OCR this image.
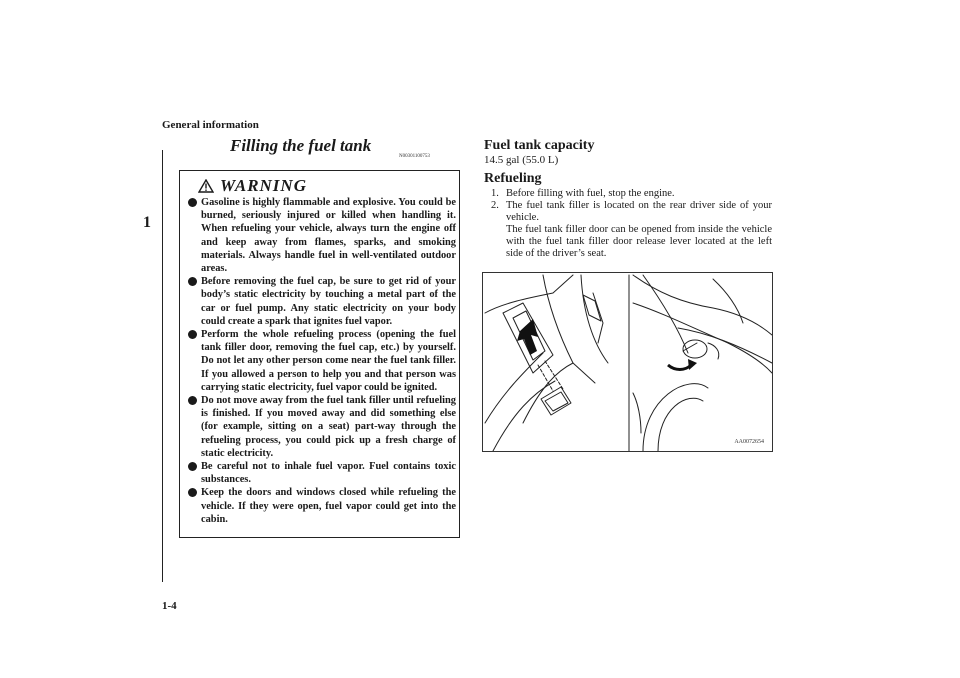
General information
1
1-4
Filling the fuel tank
N00301100753
WARNING
Gasoline is highly flammable and explosive. You could be burned, seriously injured or killed when handling it. When refueling your vehicle, always turn the engine off and keep away from flames, sparks, and smoking materials. Always handle fuel in well-ventilated outdoor areas.
Before removing the fuel cap, be sure to get rid of your body’s static electricity by touching a metal part of the car or fuel pump. Any static electricity on your body could create a spark that ignites fuel vapor.
Perform the whole refueling process (opening the fuel tank filler door, removing the fuel cap, etc.) by yourself. Do not let any other person come near the fuel tank filler. If you allowed a person to help you and that person was carrying static electricity, fuel vapor could be ignited.
Do not move away from the fuel tank filler until refueling is finished. If you moved away and did something else (for example, sitting on a seat) part-way through the refueling process, you could pick up a fresh charge of static electricity.
Be careful not to inhale fuel vapor. Fuel contains toxic substances.
Keep the doors and windows closed while refueling the vehicle. If they were open, fuel vapor could get into the cabin.
Fuel tank capacity
14.5 gal (55.0 L)
Refueling
1. Before filling with fuel, stop the engine.
2. The fuel tank filler is located on the rear driver side of your vehicle.
The fuel tank filler door can be opened from inside the vehicle with the fuel tank filler door release lever located at the left side of the driver’s seat.
AA0072654
